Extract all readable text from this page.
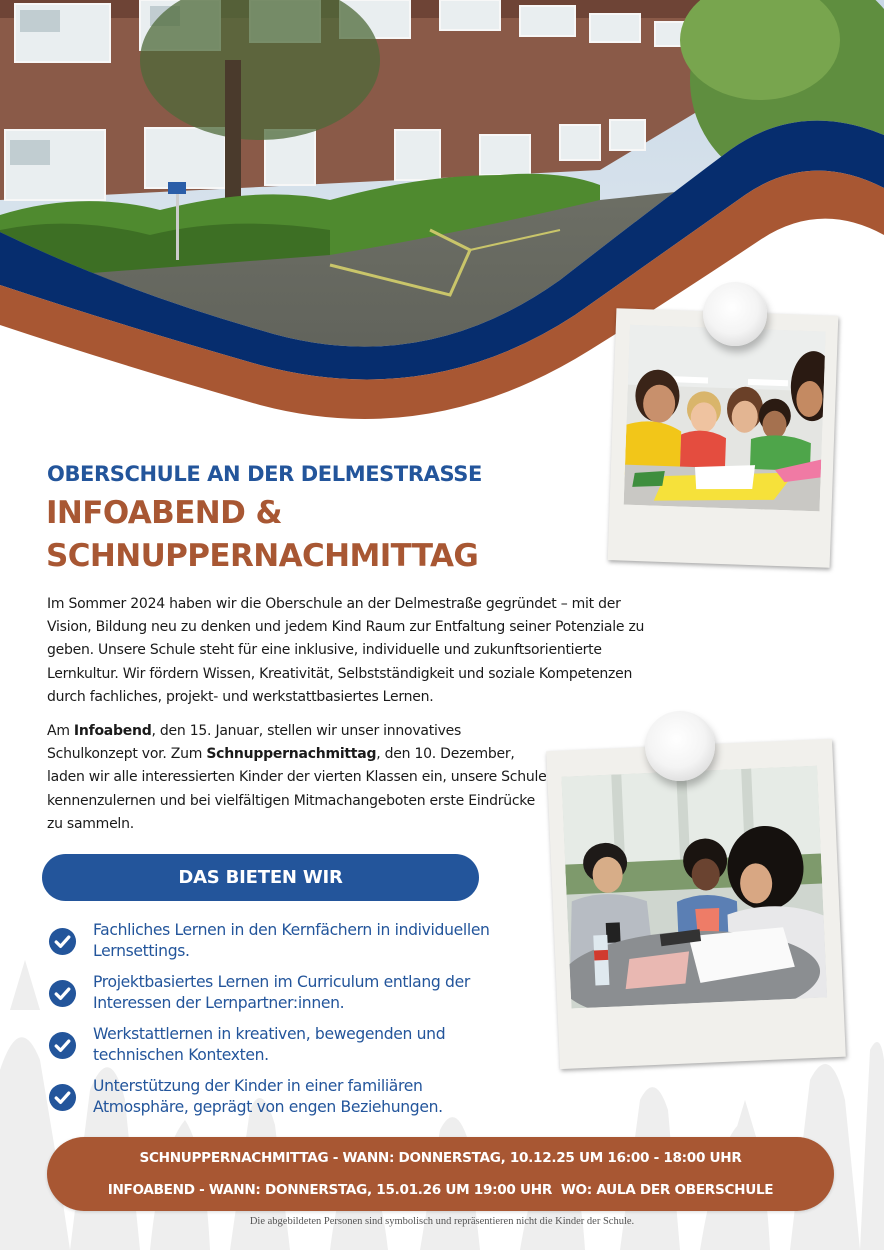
OBERSCHULE AN DER DELMESTRASSE
INFOABEND &
SCHNUPPERNACHMITTAG

Im Sommer 2024 haben wir die Oberschule an der Delmestraße gegründet – mit der Vision, Bildung neu zu denken und jedem Kind Raum zur Entfaltung seiner Potenziale zu geben. Unsere Schule steht für eine inklusive, individuelle und zukunftsorientierte Lernkultur. Wir fördern Wissen, Kreativität, Selbstständigkeit und soziale Kompetenzen durch fachliches, projekt- und werkstattbasiertes Lernen.

Am Infoabend, den 15. Januar, stellen wir unser innovatives Schulkonzept vor. Zum Schnuppernachmittag, den 10. Dezember, laden wir alle interessierten Kinder der vierten Klassen ein, unsere Schule kennenzulernen und bei vielfältigen Mitmachangeboten erste Eindrücke zu sammeln.

DAS BIETEN WIR
Fachliches Lernen in den Kernfächern in individuellen Lernsettings.
Projektbasiertes Lernen im Curriculum entlang der Interessen der Lernpartner:innen.
Werkstattlernen in kreativen, bewegenden und technischen Kontexten.
Unterstützung der Kinder in einer familiären Atmosphäre, geprägt von engen Beziehungen.
SCHNUPPERNACHMITTAG - WANN: DONNERSTAG, 10.12.25 UM 16:00 - 18:00 UHR
INFOABEND - WANN: DONNERSTAG, 15.01.26 UM 19:00 UHR  WO: AULA DER OBERSCHULE
Die abgebildeten Personen sind symbolisch und repräsentieren nicht die Kinder der Schule.
